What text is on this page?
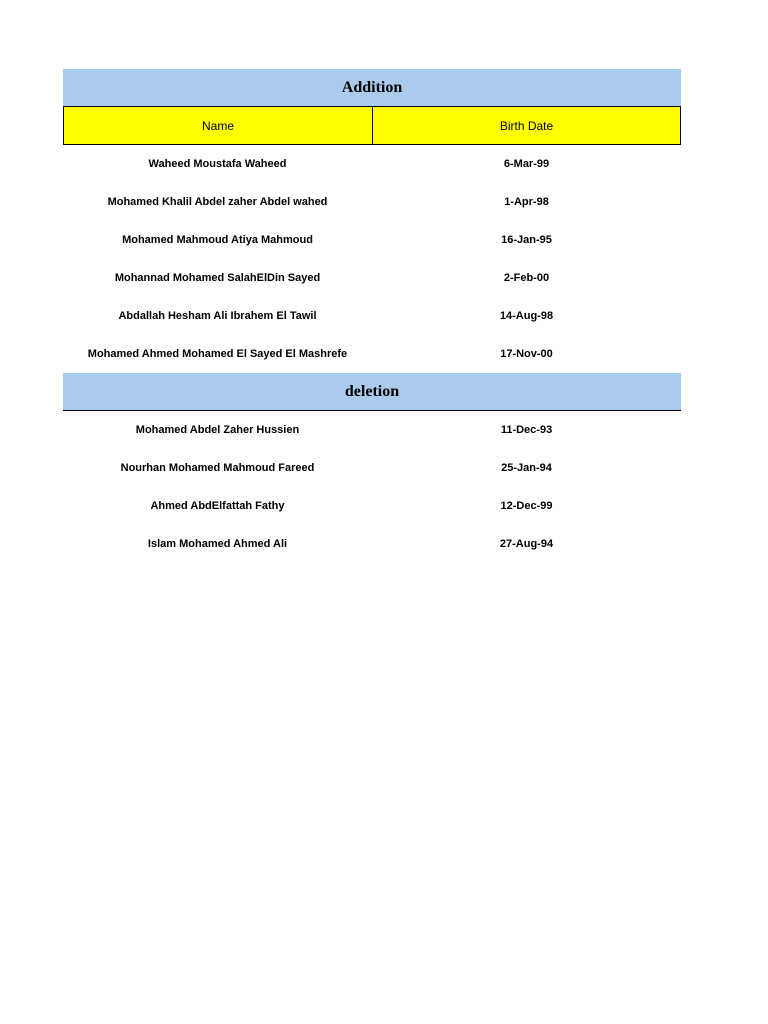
Addition
Name	Birth Date
Waheed Moustafa Waheed	6-Mar-99
Mohamed Khalil Abdel zaher Abdel wahed	1-Apr-98
Mohamed Mahmoud Atiya Mahmoud	16-Jan-95
Mohannad Mohamed SalahElDin Sayed	2-Feb-00
Abdallah Hesham Ali Ibrahem El Tawil	14-Aug-98
Mohamed Ahmed Mohamed El Sayed El Mashrefe	17-Nov-00
deletion
Mohamed Abdel Zaher Hussien	11-Dec-93
Nourhan Mohamed Mahmoud Fareed	25-Jan-94
Ahmed AbdElfattah Fathy	12-Dec-99
Islam Mohamed Ahmed Ali	27-Aug-94
